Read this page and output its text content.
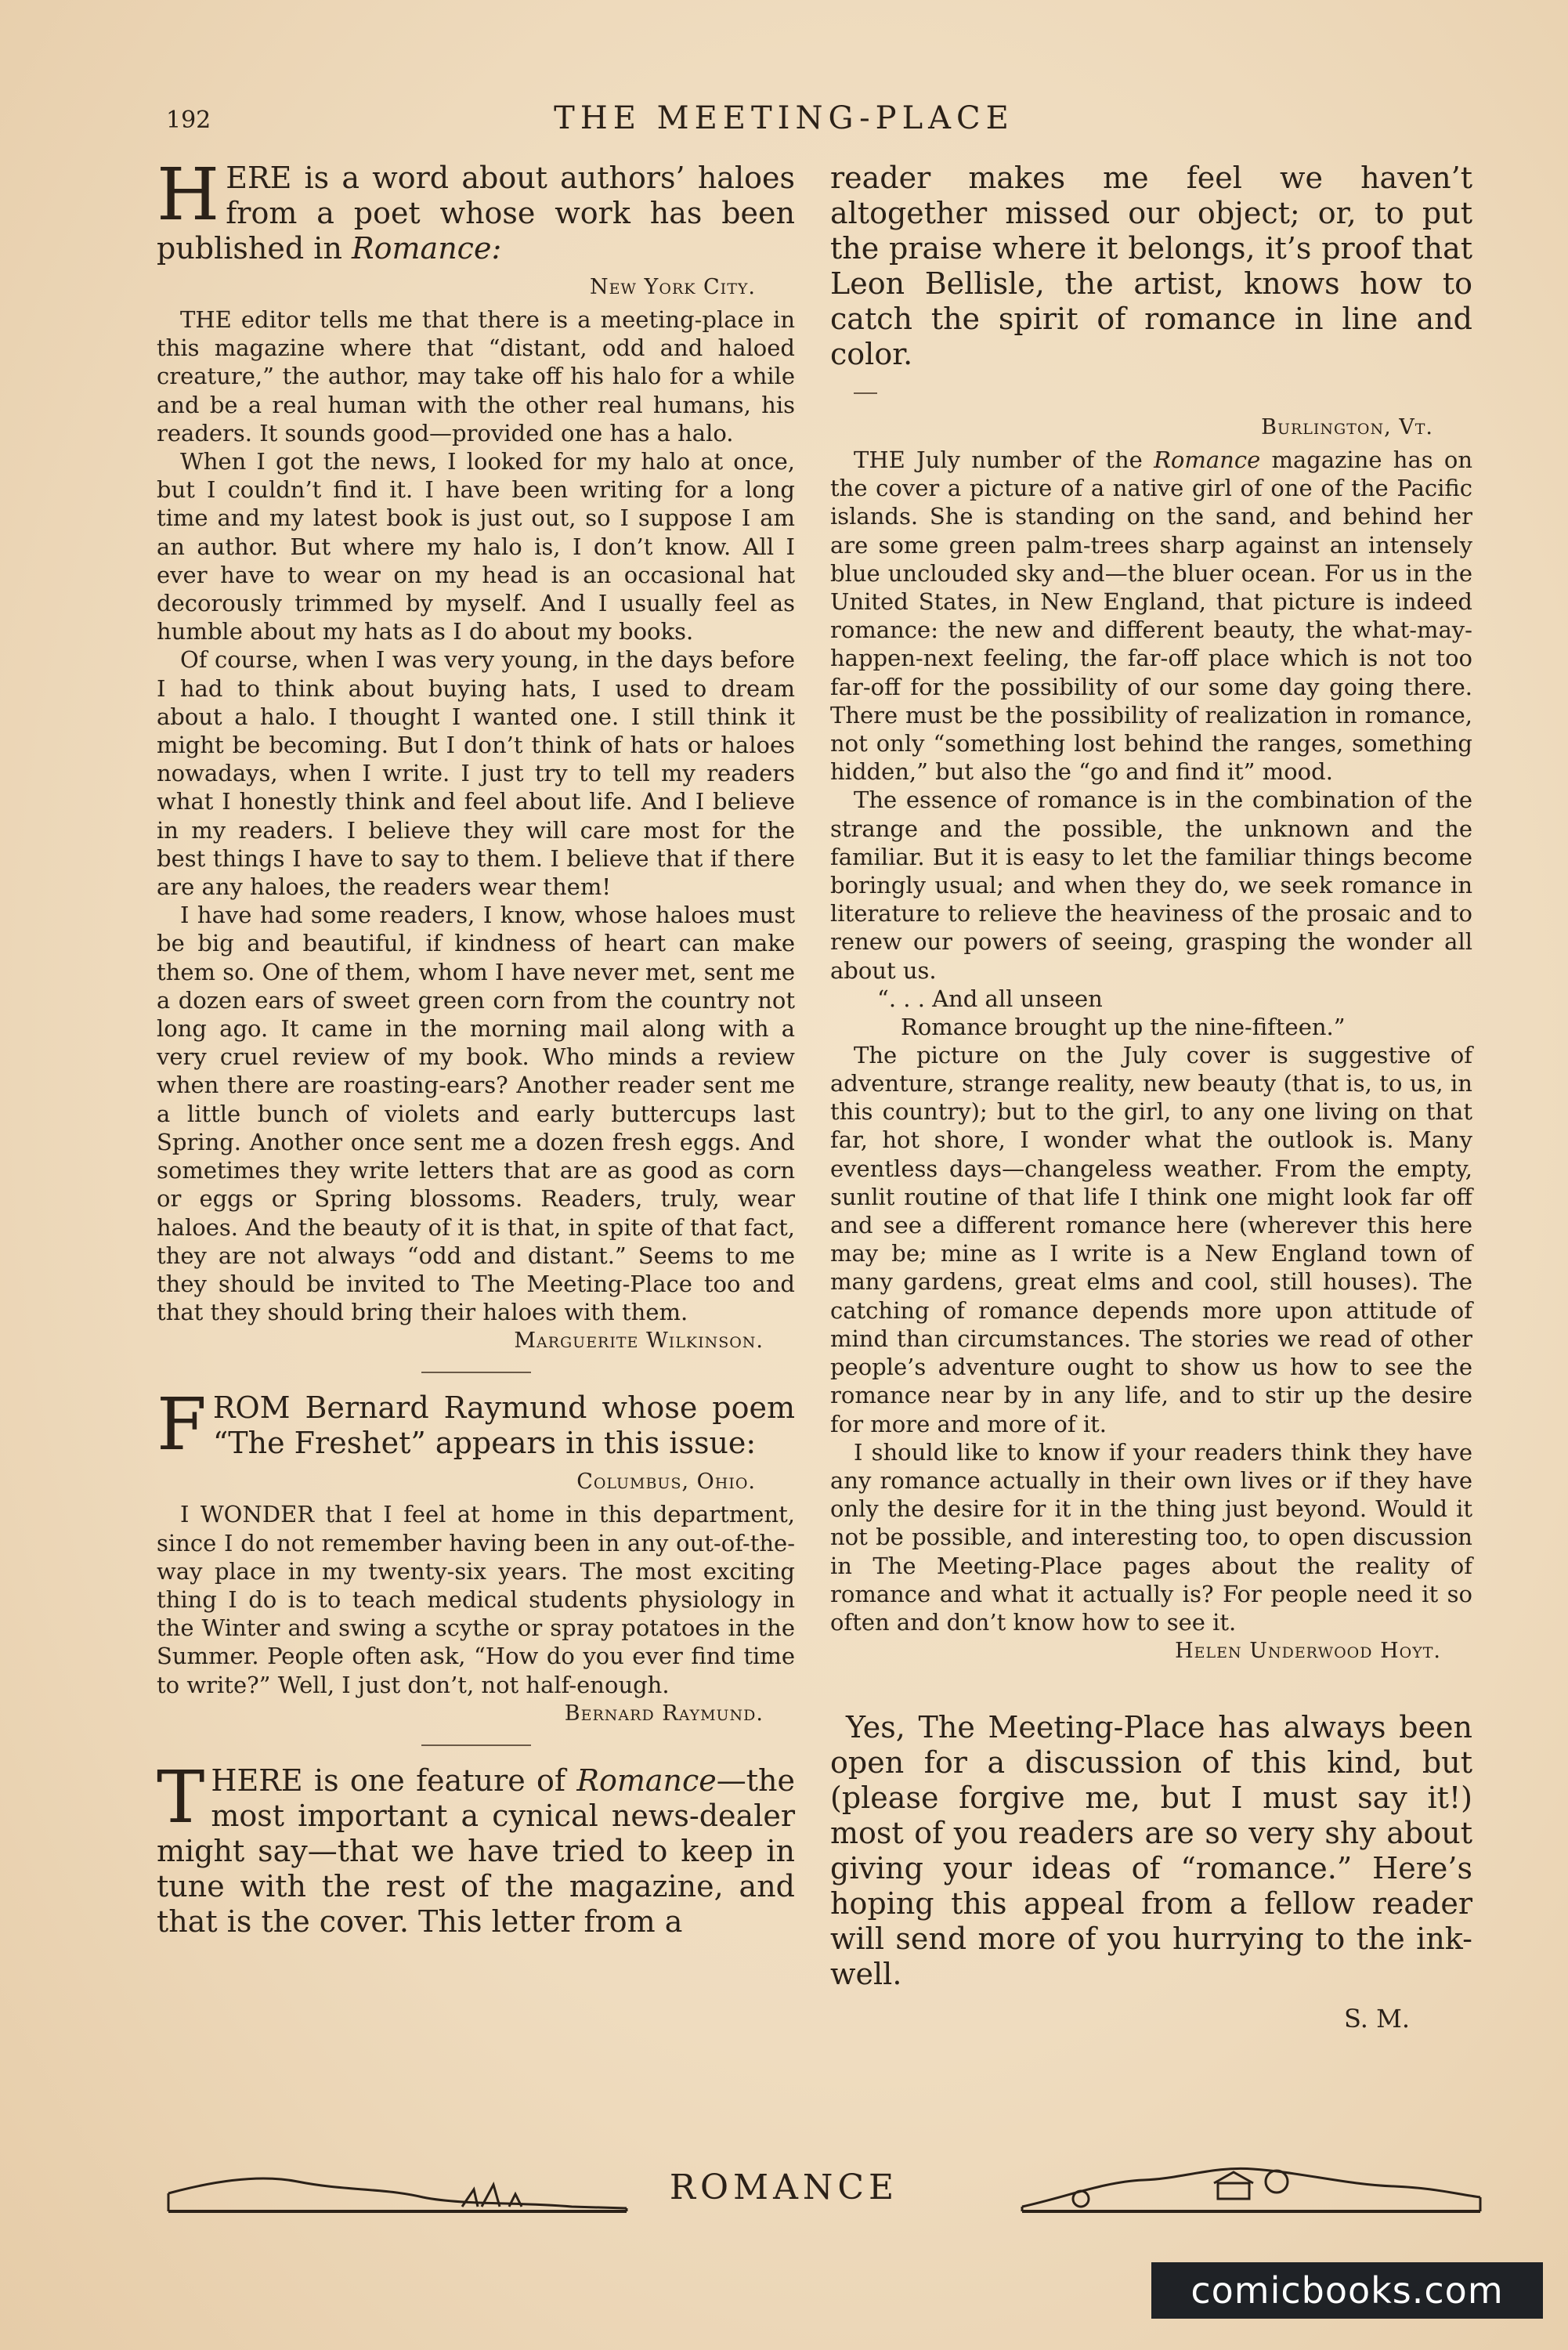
192	THE MEETING-PLACE

HERE is a word about authors’ haloes from a poet whose work has been published in Romance:

New York City.

THE editor tells me that there is a meeting-place in this magazine where that “distant, odd and haloed creature,” the author, may take off his halo for a while and be a real human with the other real humans, his readers. It sounds good—provided one has a halo.

When I got the news, I looked for my halo at once, but I couldn’t find it. I have been writing for a long time and my latest book is just out, so I suppose I am an author. But where my halo is, I don’t know. All I ever have to wear on my head is an occasional hat decorously trimmed by myself. And I usually feel as humble about my hats as I do about my books.

Of course, when I was very young, in the days before I had to think about buying hats, I used to dream about a halo. I thought I wanted one. I still think it might be becoming. But I don’t think of hats or haloes nowadays, when I write. I just try to tell my readers what I honestly think and feel about life. And I believe in my readers. I believe they will care most for the best things I have to say to them. I believe that if there are any haloes, the readers wear them!

I have had some readers, I know, whose haloes must be big and beautiful, if kindness of heart can make them so. One of them, whom I have never met, sent me a dozen ears of sweet green corn from the country not long ago. It came in the morning mail along with a very cruel review of my book. Who minds a review when there are roasting-ears? Another reader sent me a little bunch of violets and early buttercups last Spring. Another once sent me a dozen fresh eggs. And sometimes they write letters that are as good as corn or eggs or Spring blossoms. Readers, truly, wear haloes. And the beauty of it is that, in spite of that fact, they are not always “odd and distant.” Seems to me they should be invited to The Meeting-Place too and that they should bring their haloes with them.

Marguerite Wilkinson.

FROM Bernard Raymund whose poem “The Freshet” appears in this issue:

Columbus, Ohio.

I WONDER that I feel at home in this department, since I do not remember having been in any out-of-the-way place in my twenty-six years. The most exciting thing I do is to teach medical students physiology in the Winter and swing a scythe or spray potatoes in the Summer. People often ask, “How do you ever find time to write?” Well, I just don’t, not half-enough.

Bernard Raymund.

THERE is one feature of Romance—the most important a cynical news-dealer might say—that we have tried to keep in tune with the rest of the magazine, and that is the cover. This letter from a

reader makes me feel we haven’t altogether missed our object; or, to put the praise where it belongs, it’s proof that Leon Bellisle, the artist, knows how to catch the spirit of romance in line and color.

Burlington, Vt.

THE July number of the Romance magazine has on the cover a picture of a native girl of one of the Pacific islands. She is standing on the sand, and behind her are some green palm-trees sharp against an intensely blue unclouded sky and—the bluer ocean. For us in the United States, in New England, that picture is indeed romance: the new and different beauty, the what-may-happen-next feeling, the far-off place which is not too far-off for the possibility of our some day going there. There must be the possibility of realization in romance, not only “something lost behind the ranges, something hidden,” but also the “go and find it” mood.

The essence of romance is in the combination of the strange and the possible, the unknown and the familiar. But it is easy to let the familiar things become boringly usual; and when they do, we seek romance in literature to relieve the heaviness of the prosaic and to renew our powers of seeing, grasping the wonder all about us.

“. . . And all unseen
Romance brought up the nine-fifteen.”

The picture on the July cover is suggestive of adventure, strange reality, new beauty (that is, to us, in this country); but to the girl, to any one living on that far, hot shore, I wonder what the outlook is. Many eventless days—changeless weather. From the empty, sunlit routine of that life I think one might look far off and see a different romance here (wherever this here may be; mine as I write is a New England town of many gardens, great elms and cool, still houses). The catching of romance depends more upon attitude of mind than circumstances. The stories we read of other people’s adventure ought to show us how to see the romance near by in any life, and to stir up the desire for more and more of it.

I should like to know if your readers think they have any romance actually in their own lives or if they have only the desire for it in the thing just beyond. Would it not be possible, and interesting too, to open discussion in The Meeting-Place pages about the reality of romance and what it actually is? For people need it so often and don’t know how to see it.

Helen Underwood Hoyt.

Yes, The Meeting-Place has always been open for a discussion of this kind, but (please forgive me, but I must say it!) most of you readers are so very shy about giving your ideas of “romance.” Here’s hoping this appeal from a fellow reader will send more of you hurrying to the ink-well.

S. M.

ROMANCE
comicbooks.com
